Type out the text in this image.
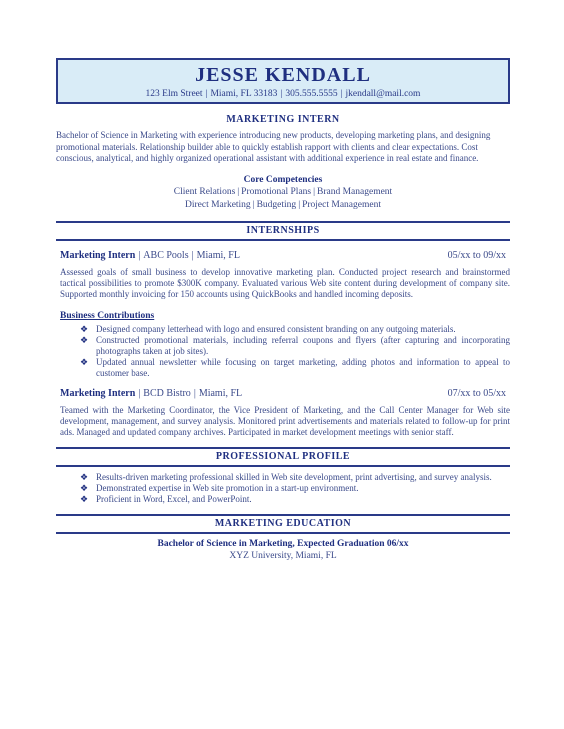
JESSE KENDALL
123 Elm Street | Miami, FL 33183 | 305.555.5555 | jkendall@mail.com
MARKETING INTERN

Bachelor of Science in Marketing with experience introducing new products, developing marketing plans, and designing promotional materials. Relationship builder able to quickly establish rapport with clients and clear expectations. Cost conscious, analytical, and highly organized operational assistant with additional experience in real estate and finance.

Core Competencies
Client Relations | Promotional Plans | Brand Management
Direct Marketing | Budgeting | Project Management
INTERNSHIPS
Marketing Intern | ABC Pools | Miami, FL	05/xx to 09/xx

Assessed goals of small business to develop innovative marketing plan. Conducted project research and brainstormed tactical possibilities to promote $300K company. Evaluated various Web site content during development of company site. Supported monthly invoicing for 150 accounts using QuickBooks and handled incoming deposits.

Business Contributions
❖ Designed company letterhead with logo and ensured consistent branding on any outgoing materials.
❖ Constructed promotional materials, including referral coupons and flyers (after capturing and incorporating photographs taken at job sites).
❖ Updated annual newsletter while focusing on target marketing, adding photos and information to appeal to customer base.
Marketing Intern | BCD Bistro | Miami, FL	07/xx to 05/xx

Teamed with the Marketing Coordinator, the Vice President of Marketing, and the Call Center Manager for Web site development, management, and survey analysis. Monitored print advertisements and materials related to follow-up for print ads. Managed and updated company archives. Participated in market development meetings with senior staff.

PROFESSIONAL PROFILE
❖ Results-driven marketing professional skilled in Web site development, print advertising, and survey analysis.
❖ Demonstrated expertise in Web site promotion in a start-up environment.
❖ Proficient in Word, Excel, and PowerPoint.
MARKETING EDUCATION
Bachelor of Science in Marketing, Expected Graduation 06/xx
XYZ University, Miami, FL
